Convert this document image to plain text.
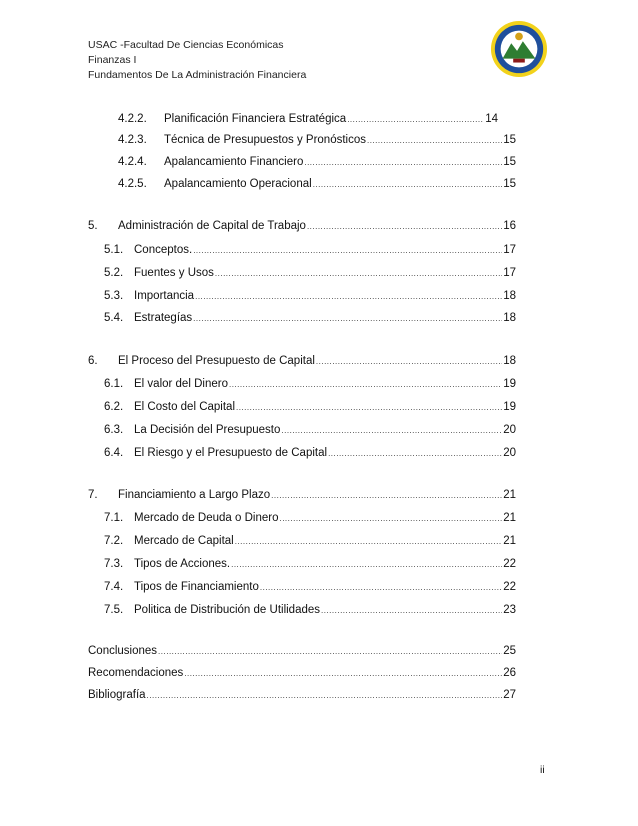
USAC -Facultad De Ciencias Económicas
Finanzas I
Fundamentos De La Administración Financiera
4.2.2.	Planificación Financiera Estratégica .....	14
4.2.3.	Técnica de Presupuestos y Pronósticos .....	15
4.2.4.	Apalancamiento Financiero .....	15
4.2.5.	Apalancamiento Operacional .....	15
5.	Administración de Capital de Trabajo .....	16
5.1. Conceptos. .....	17
5.2. Fuentes y Usos .....	17
5.3. Importancia .....	18
5.4. Estrategías .....	18
6.	El Proceso del Presupuesto de Capital .....	18
6.1. El valor del Dinero .....	19
6.2. El Costo del Capital .....	19
6.3. La Decisión del Presupuesto .....	20
6.4. El Riesgo y el Presupuesto de Capital .....	20
7.	Financiamiento a Largo Plazo .....	21
7.1. Mercado de Deuda o Dinero .....	21
7.2. Mercado de Capital .....	21
7.3. Tipos de Acciones. .....	22
7.4. Tipos de Financiamiento .....	22
7.5. Politica de Distribución de Utilidades .....	23
Conclusiones .....	25
Recomendaciones .....	26
Bibliografía .....	27
ii
